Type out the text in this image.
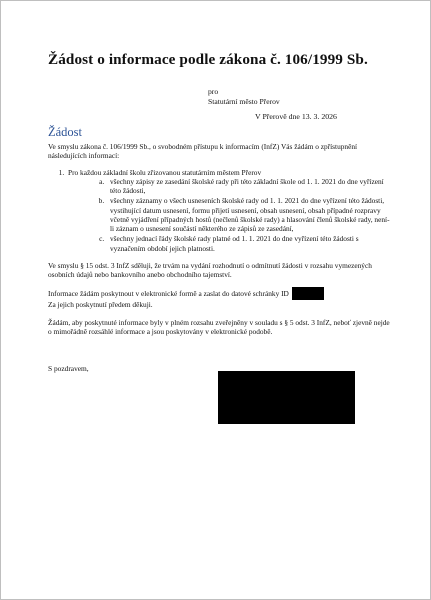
Žádost o informace podle zákona č. 106/1999 Sb.
pro
Statutární město Přerov
V Přerově dne 13. 3. 2026
Žádost

Ve smyslu zákona č. 106/1999 Sb., o svobodném přístupu k informacím (InfZ) Vás žádám o zpřístupnění následujících informací:

1. Pro každou základní školu zřizovanou statutárním městem Přerov
a. všechny zápisy ze zasedání školské rady při této základní škole od 1. 1. 2021 do dne vyřízení této žádosti,
b. všechny záznamy o všech usneseních školské rady od 1. 1. 2021 do dne vyřízení této žádosti, vystihující datum usnesení, formu přijetí usnesení, obsah usnesení, obsah případné rozpravy včetně vyjádření případných hostů (nečlenů školské rady) a hlasování členů školské rady, není-li záznam o usnesení součástí některého ze zápisů ze zasedání,
c. všechny jednací řády školské rady platné od 1. 1. 2021 do dne vyřízení této žádosti s vyznačením období jejich platnosti.

Ve smyslu § 15 odst. 3 InfZ sděluji, že trvám na vydání rozhodnutí o odmítnutí žádosti v rozsahu vymezených osobních údajů nebo bankovního anebo obchodního tajemství.

Informace žádám poskytnout v elektronické formě a zaslat do datové schránky ID
Za jejich poskytnutí předem děkuji.

Žádám, aby poskytnuté informace byly v plném rozsahu zveřejněny v souladu s § 5 odst. 3 InfZ, neboť zjevně nejde o mimořádně rozsáhlé informace a jsou poskytovány v elektronické podobě.

S pozdravem,
